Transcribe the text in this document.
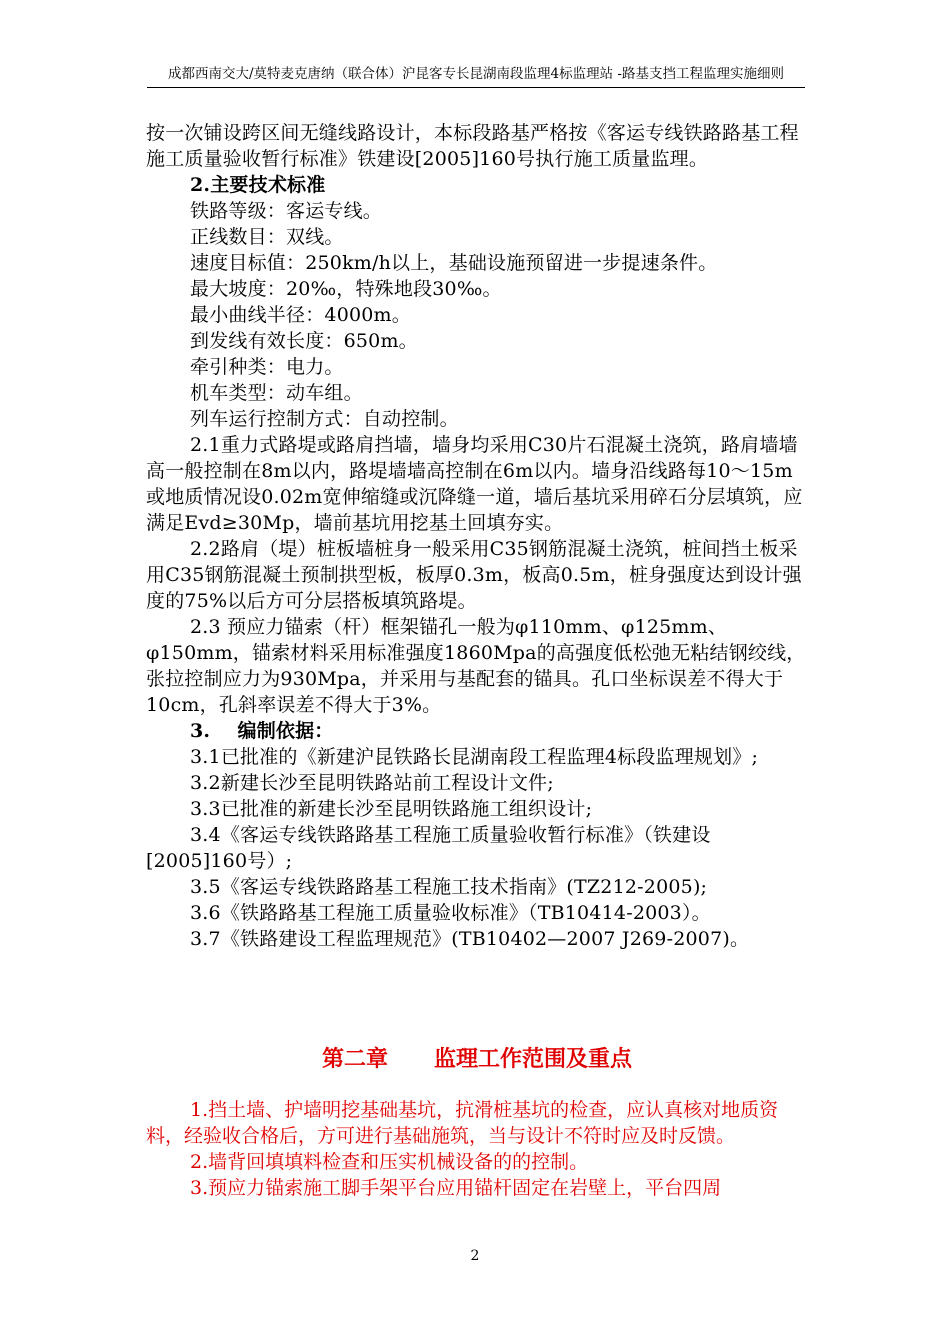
成都西南交大/莫特麦克唐纳（联合体）沪昆客专长昆湖南段监理4标监理站 -路基支挡工程监理实施细则

按一次铺设跨区间无缝线路设计，本标段路基严格按《客运专线铁路路基工程施工质量验收暂行标准》铁建设[2005]160号执行施工质量监理。

2.主要技术标准

铁路等级：客运专线。

正线数目：双线。

速度目标值：250km/h以上，基础设施预留进一步提速条件。

最大坡度：20‰，特殊地段30‰。

最小曲线半径：4000m。

到发线有效长度：650m。

牵引种类：电力。

机车类型：动车组。

列车运行控制方式：自动控制。

2.1重力式路堤或路肩挡墙，墙身均采用C30片石混凝土浇筑，路肩墙墙高一般控制在8m以内，路堤墙墙高控制在6m以内。墙身沿线路每10～15m或地质情况设0.02m宽伸缩缝或沉降缝一道，墙后基坑采用碎石分层填筑，应满足Evd≥30Mp，墙前基坑用挖基土回填夯实。

2.2路肩（堤）桩板墙桩身一般采用C35钢筋混凝土浇筑，桩间挡土板采用C35钢筋混凝土预制拱型板，板厚0.3m，板高0.5m，桩身强度达到设计强度的75%以后方可分层搭板填筑路堤。

2.3 预应力锚索（杆）框架锚孔一般为φ110mm、φ125mm、φ150mm，锚索材料采用标准强度1860Mpa的高强度低松弛无粘结钢绞线，张拉控制应力为930Mpa，并采用与基配套的锚具。孔口坐标误差不得大于10cm，孔斜率误差不得大于3%。

3.    编制依据：

3.1已批准的《新建沪昆铁路长昆湖南段工程监理4标段监理规划》;

3.2新建长沙至昆明铁路站前工程设计文件;

3.3已批准的新建长沙至昆明铁路施工组织设计;

3.4《客运专线铁路路基工程施工质量验收暂行标准》（铁建设[2005]160号）;

3.5《客运专线铁路路基工程施工技术指南》(TZ212-2005);

3.6《铁路路基工程施工质量验收标准》（TB10414-2003）。

3.7《铁路建设工程监理规范》(TB10402—2007 J269-2007)。

第二章      监理工作范围及重点

1.挡土墙、护墙明挖基础基坑，抗滑桩基坑的检查，应认真核对地质资料，经验收合格后，方可进行基础施筑，当与设计不符时应及时反馈。

2.墙背回填填料检查和压实机械设备的的控制。

3.预应力锚索施工脚手架平台应用锚杆固定在岩壁上，平台四周

2
